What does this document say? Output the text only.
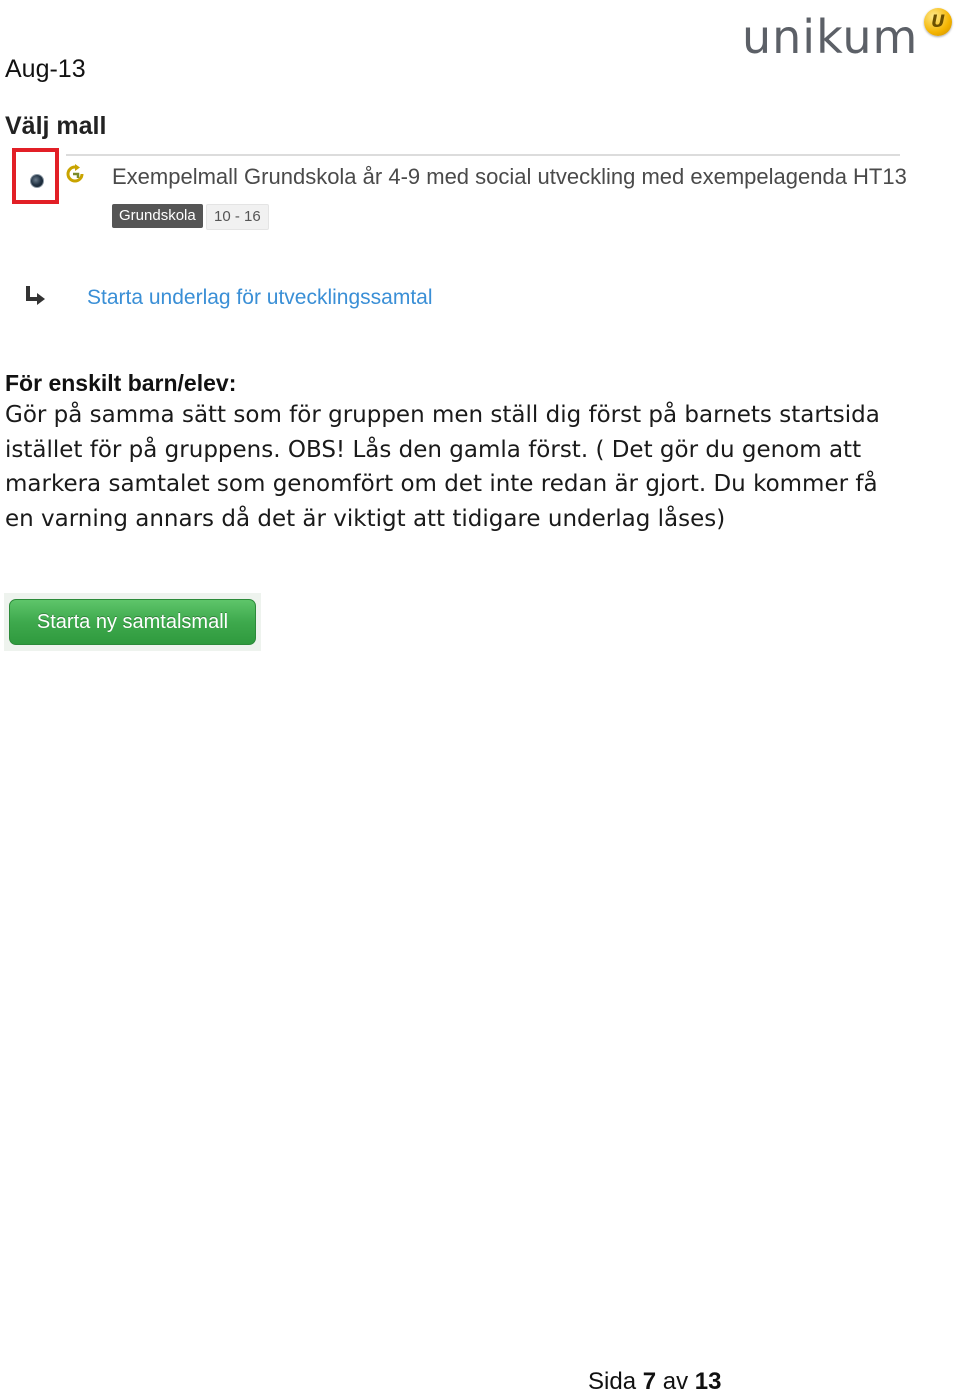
Aug-13
unikum U
Välj mall
Exempelmall Grundskola år 4-9 med social utveckling med exempelagenda HT13
Grundskola	10 - 16
Starta underlag för utvecklingssamtal
För enskilt barn/elev:

Gör på samma sätt som för gruppen men ställ dig först på barnets startsida
istället för på gruppens. OBS! Lås den gamla först. ( Det gör du genom att
markera samtalet som genomfört om det inte redan är gjort. Du kommer få
en varning annars då det är viktigt att tidigare underlag låses)

Starta ny samtalsmall
Sida 7 av 13
